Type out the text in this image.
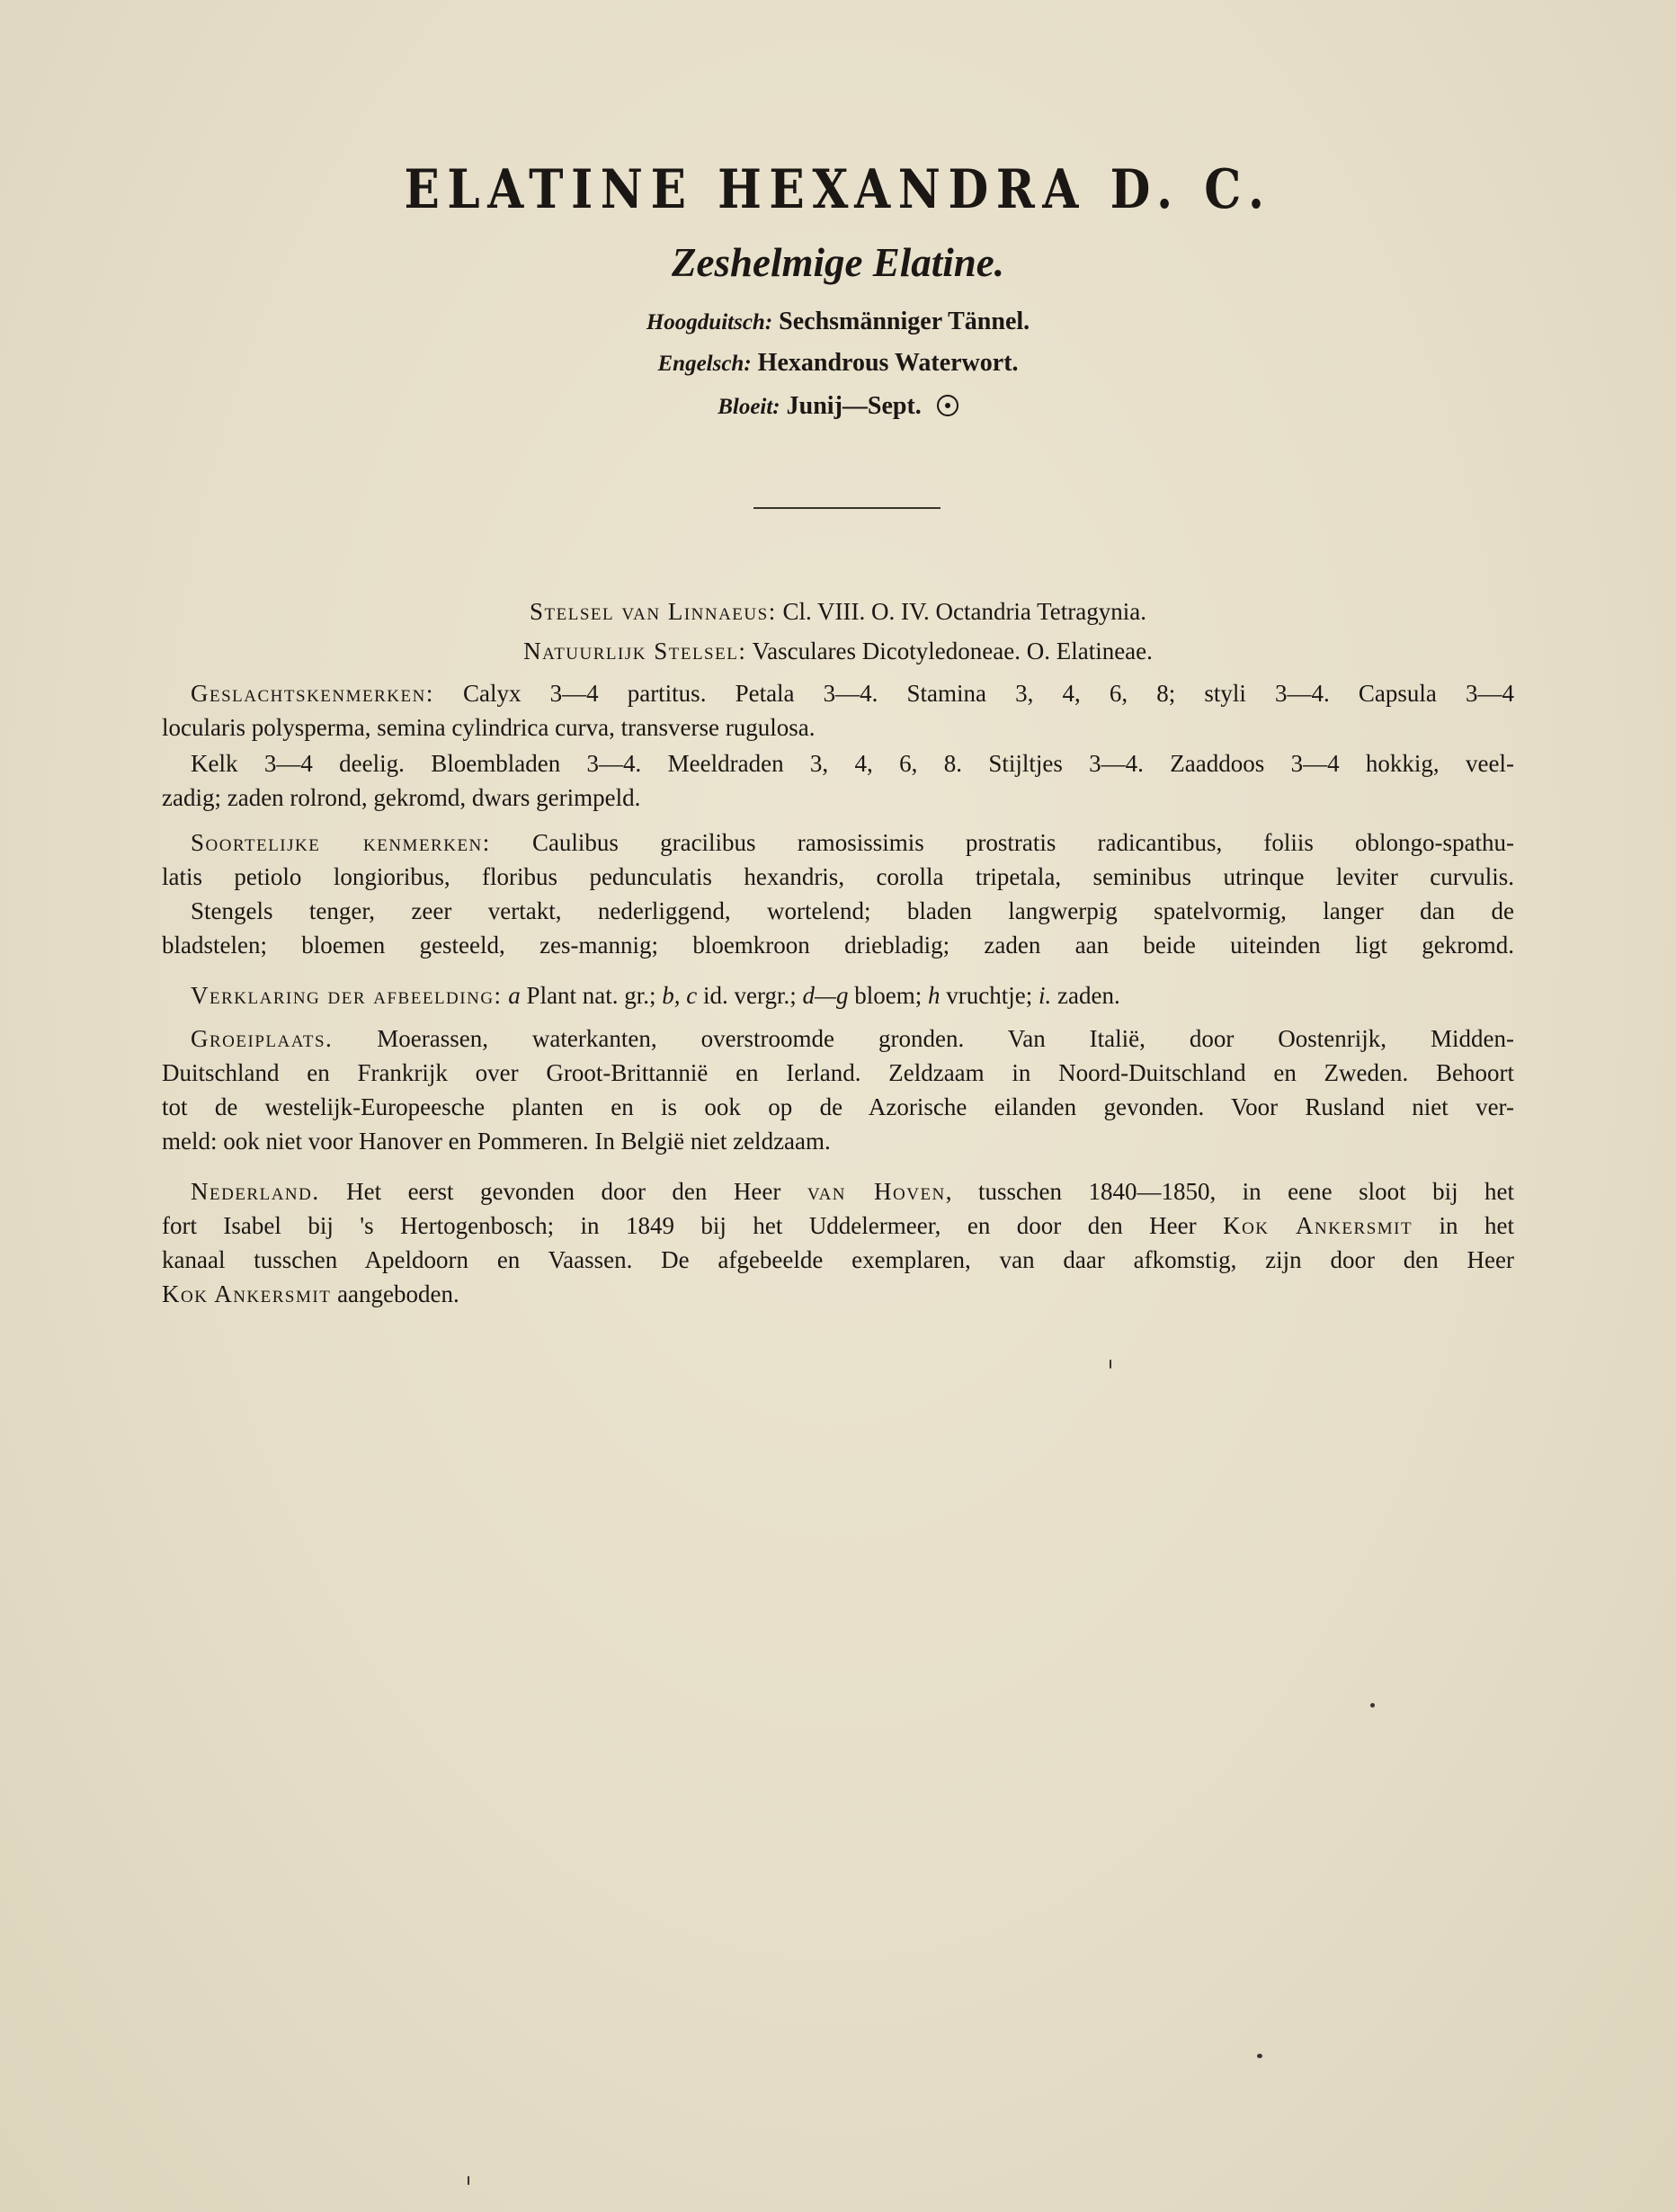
ELATINE HEXANDRA D. C.
Zeshelmige Elatine.
Hoogduitsch: Sechsmänniger Tännel.
Engelsch: Hexandrous Waterwort.
Bloeit: Junij—Sept.
Stelsel van Linnaeus: Cl. VIII. O. IV. Octandria Tetragynia.
Natuurlijk Stelsel: Vasculares Dicotyledoneae. O. Elatineae.
Geslachtskenmerken: Calyx 3—4 partitus. Petala 3—4. Stamina 3, 4, 6, 8; styli 3—4. Capsula 3—4
locularis polysperma, semina cylindrica curva, transverse rugulosa.
Kelk 3—4 deelig. Bloembladen 3—4. Meeldraden 3, 4, 6, 8. Stijltjes 3—4. Zaaddoos 3—4 hokkig, veel-
zadig; zaden rolrond, gekromd, dwars gerimpeld.
Soortelijke kenmerken: Caulibus gracilibus ramosissimis prostratis radicantibus, foliis oblongo-spathu-
latis petiolo longioribus, floribus pedunculatis hexandris, corolla tripetala, seminibus utrinque leviter curvulis.
Stengels tenger, zeer vertakt, nederliggend, wortelend; bladen langwerpig spatelvormig, langer dan de
bladstelen; bloemen gesteeld, zes-mannig; bloemkroon driebladig; zaden aan beide uiteinden ligt gekromd.
Verklaring der afbeelding: a Plant nat. gr.; b, c id. vergr.; d—g bloem; h vruchtje; i. zaden.
Groeiplaats. Moerassen, waterkanten, overstroomde gronden. Van Italië, door Oostenrijk, Midden-
Duitschland en Frankrijk over Groot-Brittannië en Ierland. Zeldzaam in Noord-Duitschland en Zweden. Behoort
tot de westelijk-Europeesche planten en is ook op de Azorische eilanden gevonden. Voor Rusland niet ver-
meld: ook niet voor Hanover en Pommeren. In België niet zeldzaam.
Nederland. Het eerst gevonden door den Heer van Hoven, tusschen 1840—1850, in eene sloot bij het
fort Isabel bij 's Hertogenbosch; in 1849 bij het Uddelermeer, en door den Heer Kok Ankersmit in het
kanaal tusschen Apeldoorn en Vaassen. De afgebeelde exemplaren, van daar afkomstig, zijn door den Heer
Kok Ankersmit aangeboden.
